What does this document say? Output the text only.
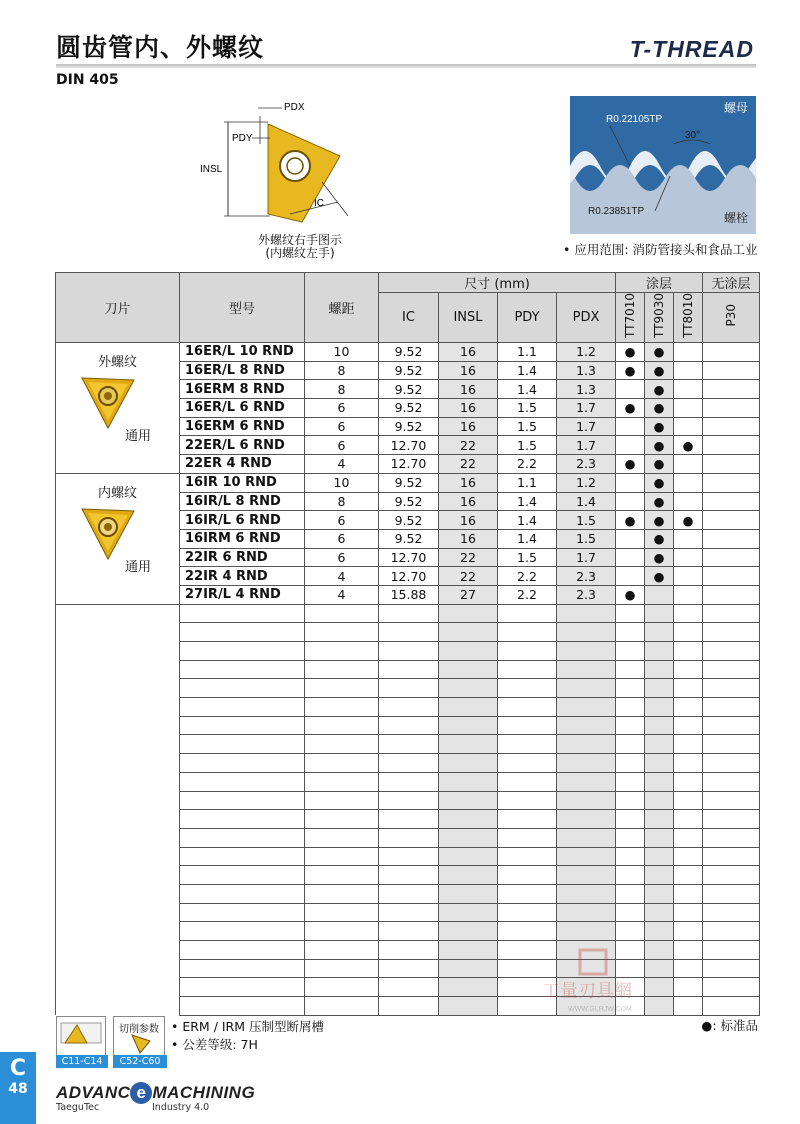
圆齿管内、外螺纹	T-THREAD
DIN 405
PDX
PDY
INSL
IC
外螺纹右手图示
(内螺纹左手)
螺母
螺栓
R0.22105TP
R0.23851TP
30°
• 应用范围: 消防管接头和食品工业
刀片	型号	螺距	尺寸 (mm)				涂层			无涂层
			IC	INSL	PDY	PDX	TT7010	TT9030	TT8010	P30

外螺纹
通用	16ER/L 10 RND	10	9.52	16	1.1	1.2	●	●		
	16ER/L 8 RND	8	9.52	16	1.4	1.3	●	●		
	16ERM 8 RND	8	9.52	16	1.4	1.3		●		
	16ER/L 6 RND	6	9.52	16	1.5	1.7	●	●		
	16ERM 6 RND	6	9.52	16	1.5	1.7		●		
	22ER/L 6 RND	6	12.70	22	1.5	1.7		●	●	
	22ER 4 RND	4	12.70	22	2.2	2.3	●	●		

内螺纹
通用	16IR 10 RND	10	9.52	16	1.1	1.2		●		
	16IR/L 8 RND	8	9.52	16	1.4	1.4		●		
	16IR/L 6 RND	6	9.52	16	1.4	1.5	●	●	●	
	16IRM 6 RND	6	9.52	16	1.4	1.5		●		
	22IR 6 RND	6	12.70	22	1.5	1.7		●		
	22IR 4 RND	4	12.70	22	2.2	2.3		●		
	27IR/L 4 RND	4	15.88	27	2.2	2.3	●			

工量刃具網
WWW.GLRJW.COM
●: 标准品
C11-C14
切削参数
C52-C60
• ERM / IRM 压制型断屑槽
• 公差等级: 7H
C
48	ADVANC e MACHINING
TaeguTec	Industry 4.0
